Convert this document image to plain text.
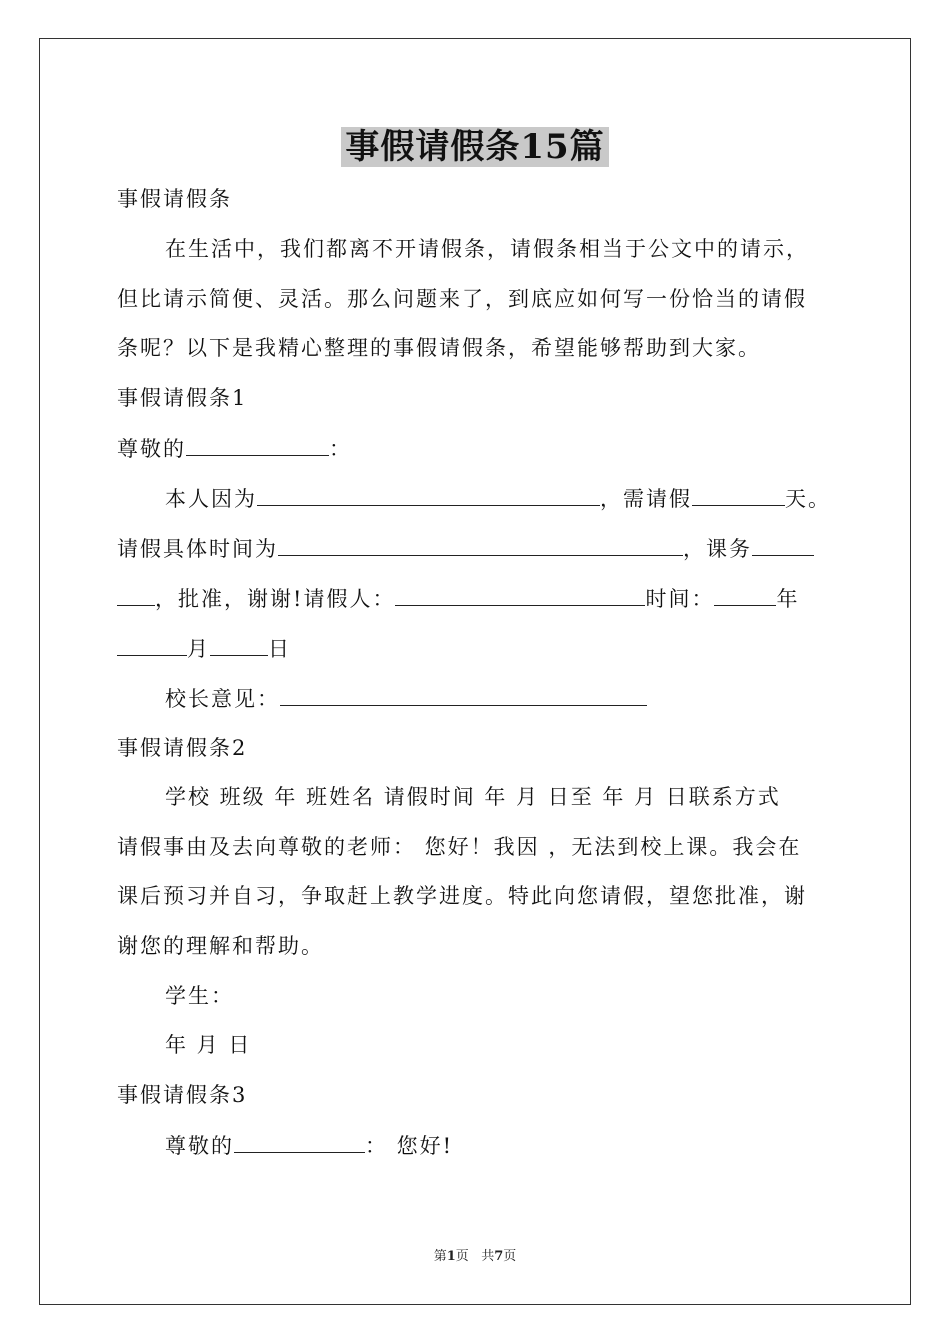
事假请假条15篇
事假请假条
在生活中，我们都离不开请假条，请假条相当于公文中的请示，
但比请示简便、灵活。那么问题来了，到底应如何写一份恰当的请假
条呢？以下是我精心整理的事假请假条，希望能够帮助到大家。
事假请假条1
尊敬的	：
本人因为	，需请假	天。
请假具体时间为	，课务
，批准，谢谢!请假人：	时间：	年
月	日
校长意见：
事假请假条2
学校 班级 年 班姓名 请假时间 年 月 日至 年 月 日联系方式
请假事由及去向尊敬的老师： 您好！我因 ，无法到校上课。我会在
课后预习并自习，争取赶上教学进度。特此向您请假，望您批准，谢
谢您的理解和帮助。
学生：
年 月 日
事假请假条3
尊敬的	： 您好!
第1页   共7页
